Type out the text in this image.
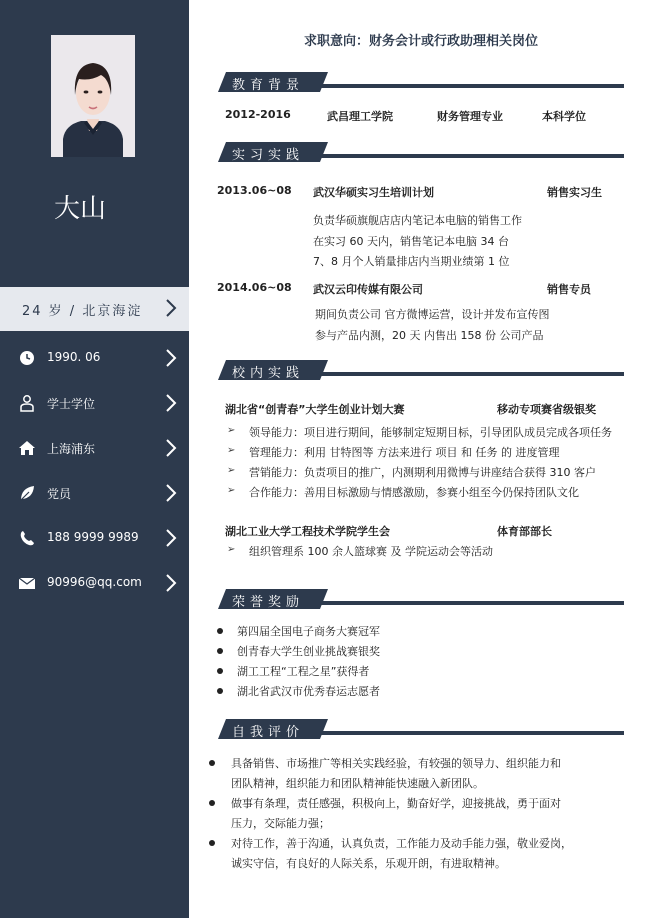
大山
24 岁 / 北京海淀
1990. 06
学士学位
上海浦东
党员
188 9999 9989
90996@qq.com
求职意向：财务会计或行政助理相关岗位
教育背景
2012-2016	武昌理工学院	财务管理专业	本科学位
实习实践
2013.06~08 武汉华硕实习生培训计划	销售实习生
负责华硕旗舰店店内笔记本电脑的销售工作
在实习 60 天内，销售笔记本电脑 34 台
7、8 月个人销量排店内当期业绩第 1 位
2014.06~08 武汉云印传媒有限公司	销售专员
期间负责公司 官方微博运营，设计并发布宣传图
参与产品内测，20 天 内售出 158 份 公司产品
校内实践
湖北省“创青春”大学生创业计划大赛	移动专项赛省级银奖
➢ 领导能力：项目进行期间，能够制定短期目标，引导团队成员完成各项任务
➢ 管理能力：利用 甘特图等 方法来进行 项目 和 任务 的 进度管理
➢ 营销能力：负责项目的推广，内测期利用微博与讲座结合获得 310 客户
➢ 合作能力：善用目标激励与情感激励，参赛小组至今仍保持团队文化
湖北工业大学工程技术学院学生会	体育部部长
➢ 组织管理系 100 余人篮球赛 及 学院运动会等活动
荣誉奖励
第四届全国电子商务大赛冠军
创青春大学生创业挑战赛银奖
湖工工程“工程之星”获得者
湖北省武汉市优秀春运志愿者
自我评价
具备销售、市场推广等相关实践经验，有较强的领导力、组织能力和
团队精神，组织能力和团队精神能快速融入新团队。
做事有条理，责任感强，积极向上，勤奋好学，迎接挑战，勇于面对
压力，交际能力强；
对待工作，善于沟通，认真负责，工作能力及动手能力强，敬业爱岗，
诚实守信，有良好的人际关系，乐观开朗，有进取精神。
